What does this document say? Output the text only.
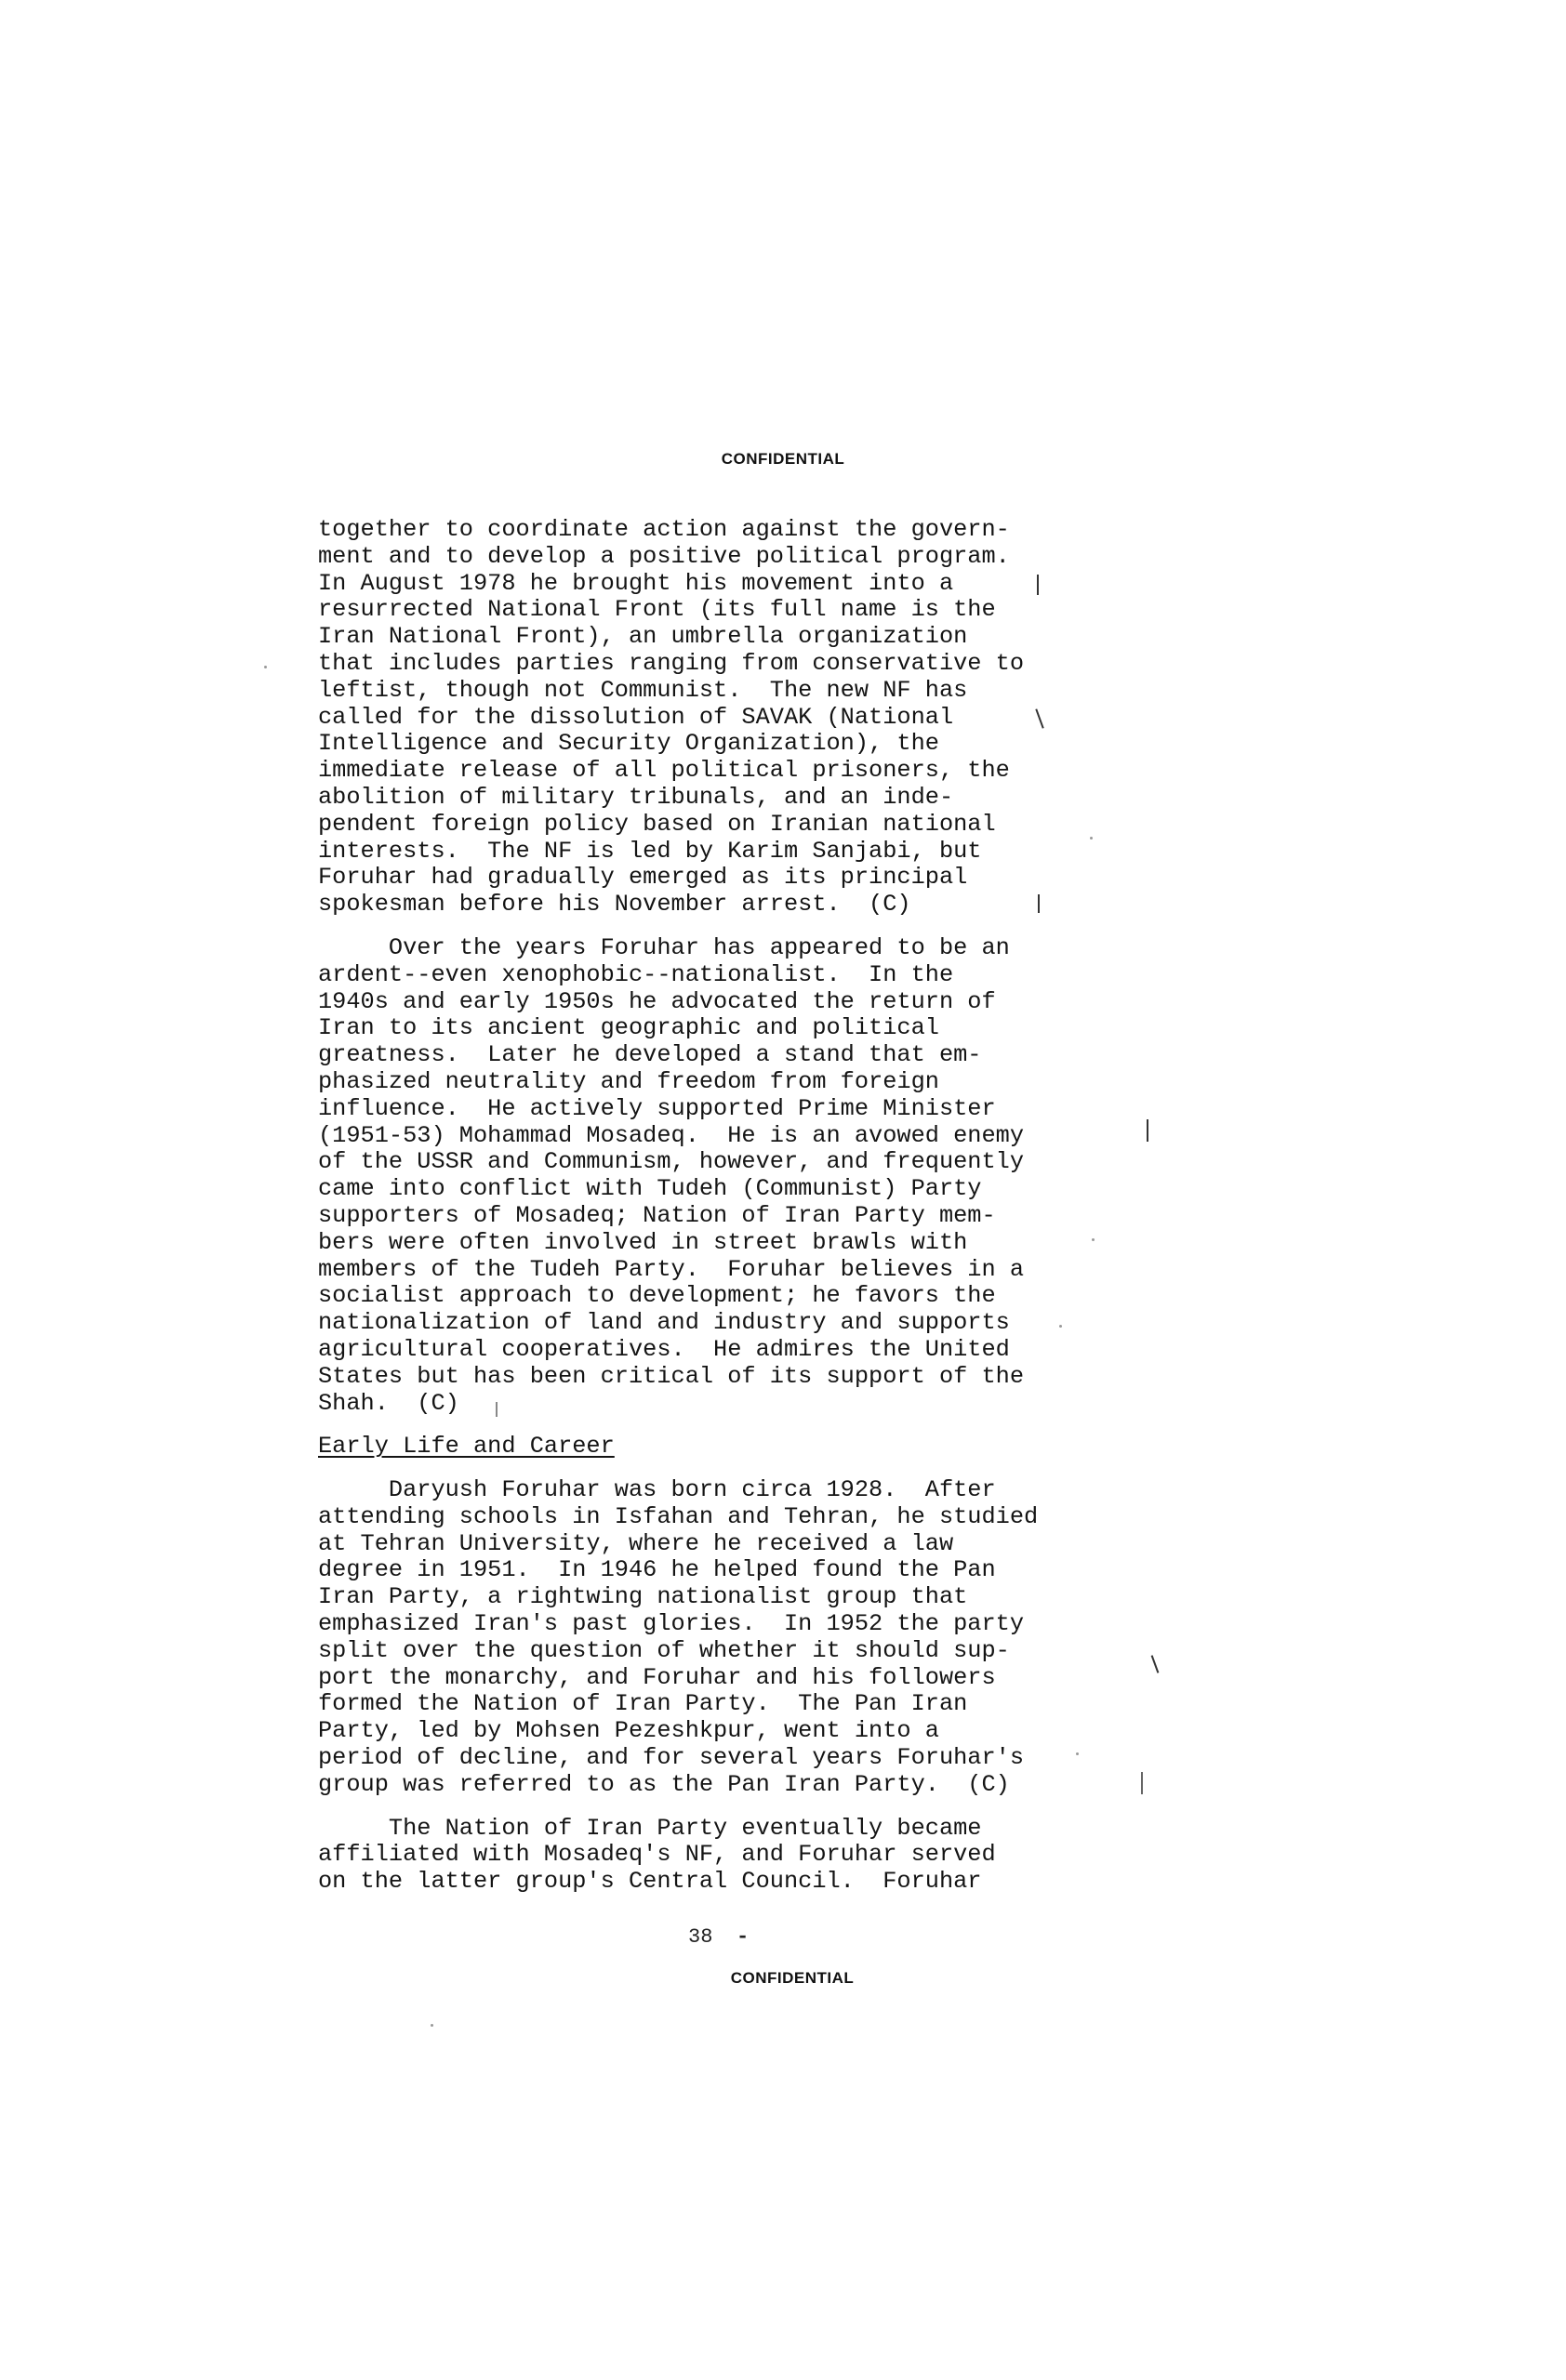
CONFIDENTIAL
together to coordinate action against the govern-
ment and to develop a positive political program.
In August 1978 he brought his movement into a
resurrected National Front (its full name is the
Iran National Front), an umbrella organization
that includes parties ranging from conservative to
leftist, though not Communist.  The new NF has
called for the dissolution of SAVAK (National
Intelligence and Security Organization), the
immediate release of all political prisoners, the
abolition of military tribunals, and an inde-
pendent foreign policy based on Iranian national
interests.  The NF is led by Karim Sanjabi, but
Foruhar had gradually emerged as its principal
spokesman before his November arrest.  (C)
Over the years Foruhar has appeared to be an
ardent--even xenophobic--nationalist.  In the
1940s and early 1950s he advocated the return of
Iran to its ancient geographic and political
greatness.  Later he developed a stand that em-
phasized neutrality and freedom from foreign
influence.  He actively supported Prime Minister
(1951-53) Mohammad Mosadeq.  He is an avowed enemy
of the USSR and Communism, however, and frequently
came into conflict with Tudeh (Communist) Party
supporters of Mosadeq; Nation of Iran Party mem-
bers were often involved in street brawls with
members of the Tudeh Party.  Foruhar believes in a
socialist approach to development; he favors the
nationalization of land and industry and supports
agricultural cooperatives.  He admires the United
States but has been critical of its support of the
Shah.  (C)
Early Life and Career
Daryush Foruhar was born circa 1928.  After
attending schools in Isfahan and Tehran, he studied
at Tehran University, where he received a law
degree in 1951.  In 1946 he helped found the Pan
Iran Party, a rightwing nationalist group that
emphasized Iran's past glories.  In 1952 the party
split over the question of whether it should sup-
port the monarchy, and Foruhar and his followers
formed the Nation of Iran Party.  The Pan Iran
Party, led by Mohsen Pezeshkpur, went into a
period of decline, and for several years Foruhar's
group was referred to as the Pan Iran Party.  (C)
The Nation of Iran Party eventually became
affiliated with Mosadeq's NF, and Foruhar served
on the latter group's Central Council.  Foruhar
38 -
CONFIDENTIAL
